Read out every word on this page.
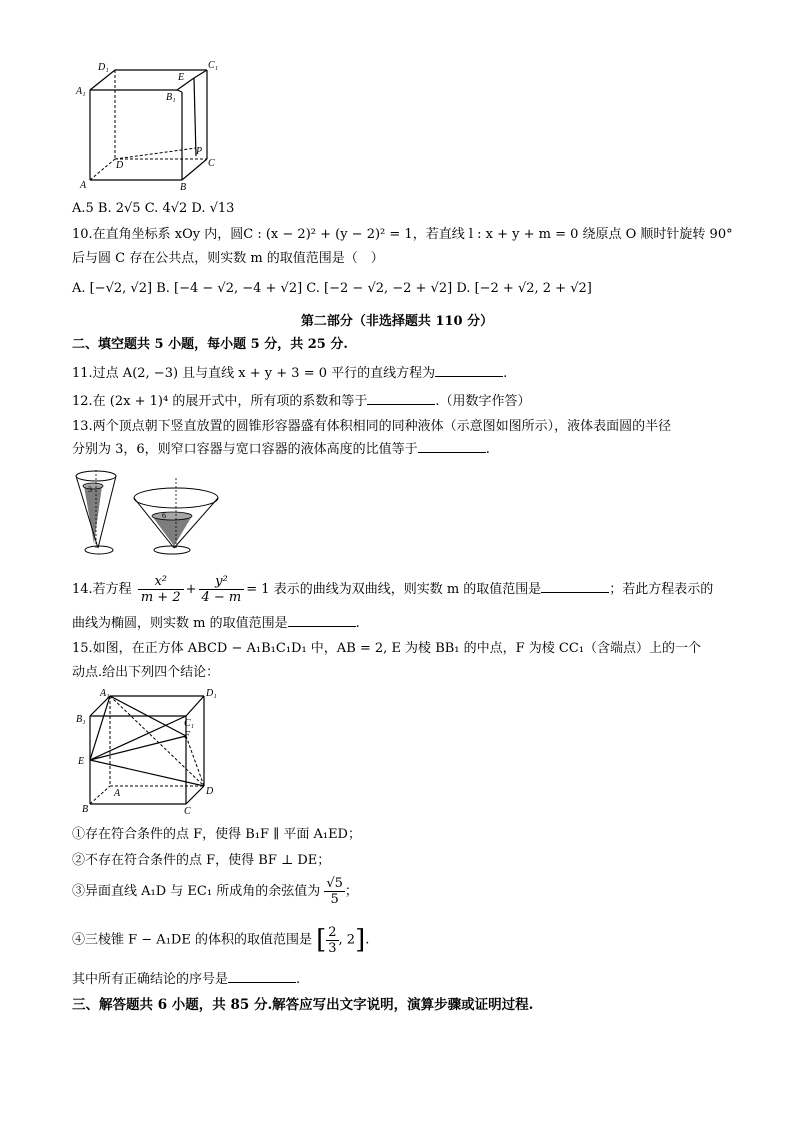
D₁	C₁
A₁
E
B₁
P
D	C
A	B
A.5 B. 2√5 C. 4√2 D. √13
10.在直角坐标系 xOy 内，圆C : (x − 2)² + (y − 2)² = 1，若直线 l : x + y + m = 0 绕原点 O 顺时针旋转 90°
后与圆 C 存在公共点，则实数 m 的取值范围是（　）
A. [−√2, √2] B. [−4 − √2, −4 + √2] C. [−2 − √2, −2 + √2] D. [−2 + √2, 2 + √2]
第二部分（非选择题共 110 分）
二、填空题共 5 小题，每小题 5 分，共 25 分.
11.过点 A(2, −3) 且与直线 x + y + 3 = 0 平行的直线方程为	.
12.在 (2x + 1)⁴ 的展开式中，所有项的系数和等于	.（用数字作答）
13.两个顶点朝下竖直放置的圆锥形容器盛有体积相同的同种液体（示意图如图所示），液体表面圆的半径
分别为 3，6，则窄口容器与宽口容器的液体高度的比值等于	.
3
6
14.若方程 $\frac{\text{x²}}{m + 2} + \frac{\text{y²}}{4 - m} = 1$ 表示的曲线为双曲线，则实数 m 的取值范围是	；若此方程表示的
曲线为椭圆，则实数 m 的取值范围是	.
15.如图，在正方体 ABCD − A₁B₁C₁D₁ 中，AB = 2, E 为棱 BB₁ 的中点，F 为棱 CC₁（含端点）上的一个
动点.给出下列四个结论：
A₁	D₁
B₁	C₁
F
E
A	D
B	C
①存在符合条件的点 F，使得 B₁F ∥ 平面 A₁ED；
②不存在符合条件的点 F，使得 BF ⊥ DE；
③异面直线 A₁D 与 EC₁ 所成角的余弦值为 $\frac{√5}{5}$ ；
④三棱锥 F − A₁DE 的体积的取值范围是 [ $\frac{2}{3}$ , 2].
其中所有正确结论的序号是	.
三、解答题共 6 小题，共 85 分.解答应写出文字说明，演算步骤或证明过程.
